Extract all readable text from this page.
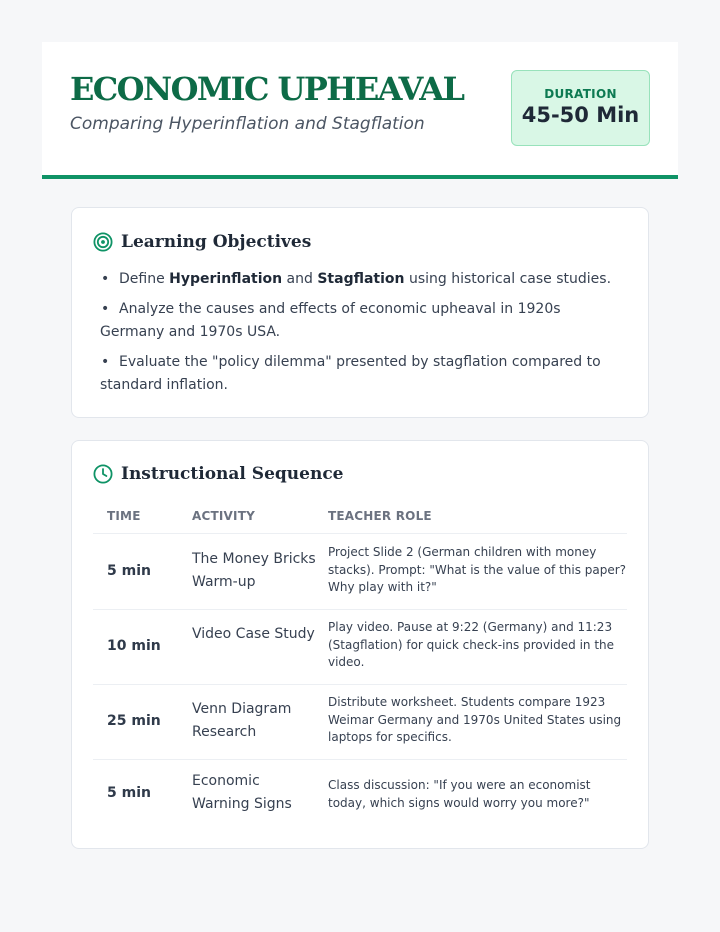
ECONOMIC UPHEAVAL
Comparing Hyperinflation and Stagflation
DURATION
45-50 Min
Learning Objectives
• Define Hyperinflation and Stagflation using historical case studies.
• Analyze the causes and effects of economic upheaval in 1920s Germany and 1970s USA.
• Evaluate the "policy dilemma" presented by stagflation compared to standard inflation.
Instructional Sequence
TIME	ACTIVITY	TEACHER ROLE
5 min
The Money Bricks Warm-up
Project Slide 2 (German children with money stacks). Prompt: "What is the value of this paper? Why play with it?"
10 min
Video Case Study Play video. Pause at 9:22 (Germany) and 11:23 (Stagflation) for quick check-ins provided in the video.
25 min
Venn Diagram Research
Distribute worksheet. Students compare 1923 Weimar Germany and 1970s United States using laptops for specifics.
5 min
Economic Warning Signs
Class discussion: "If you were an economist today, which signs would worry you more?"
